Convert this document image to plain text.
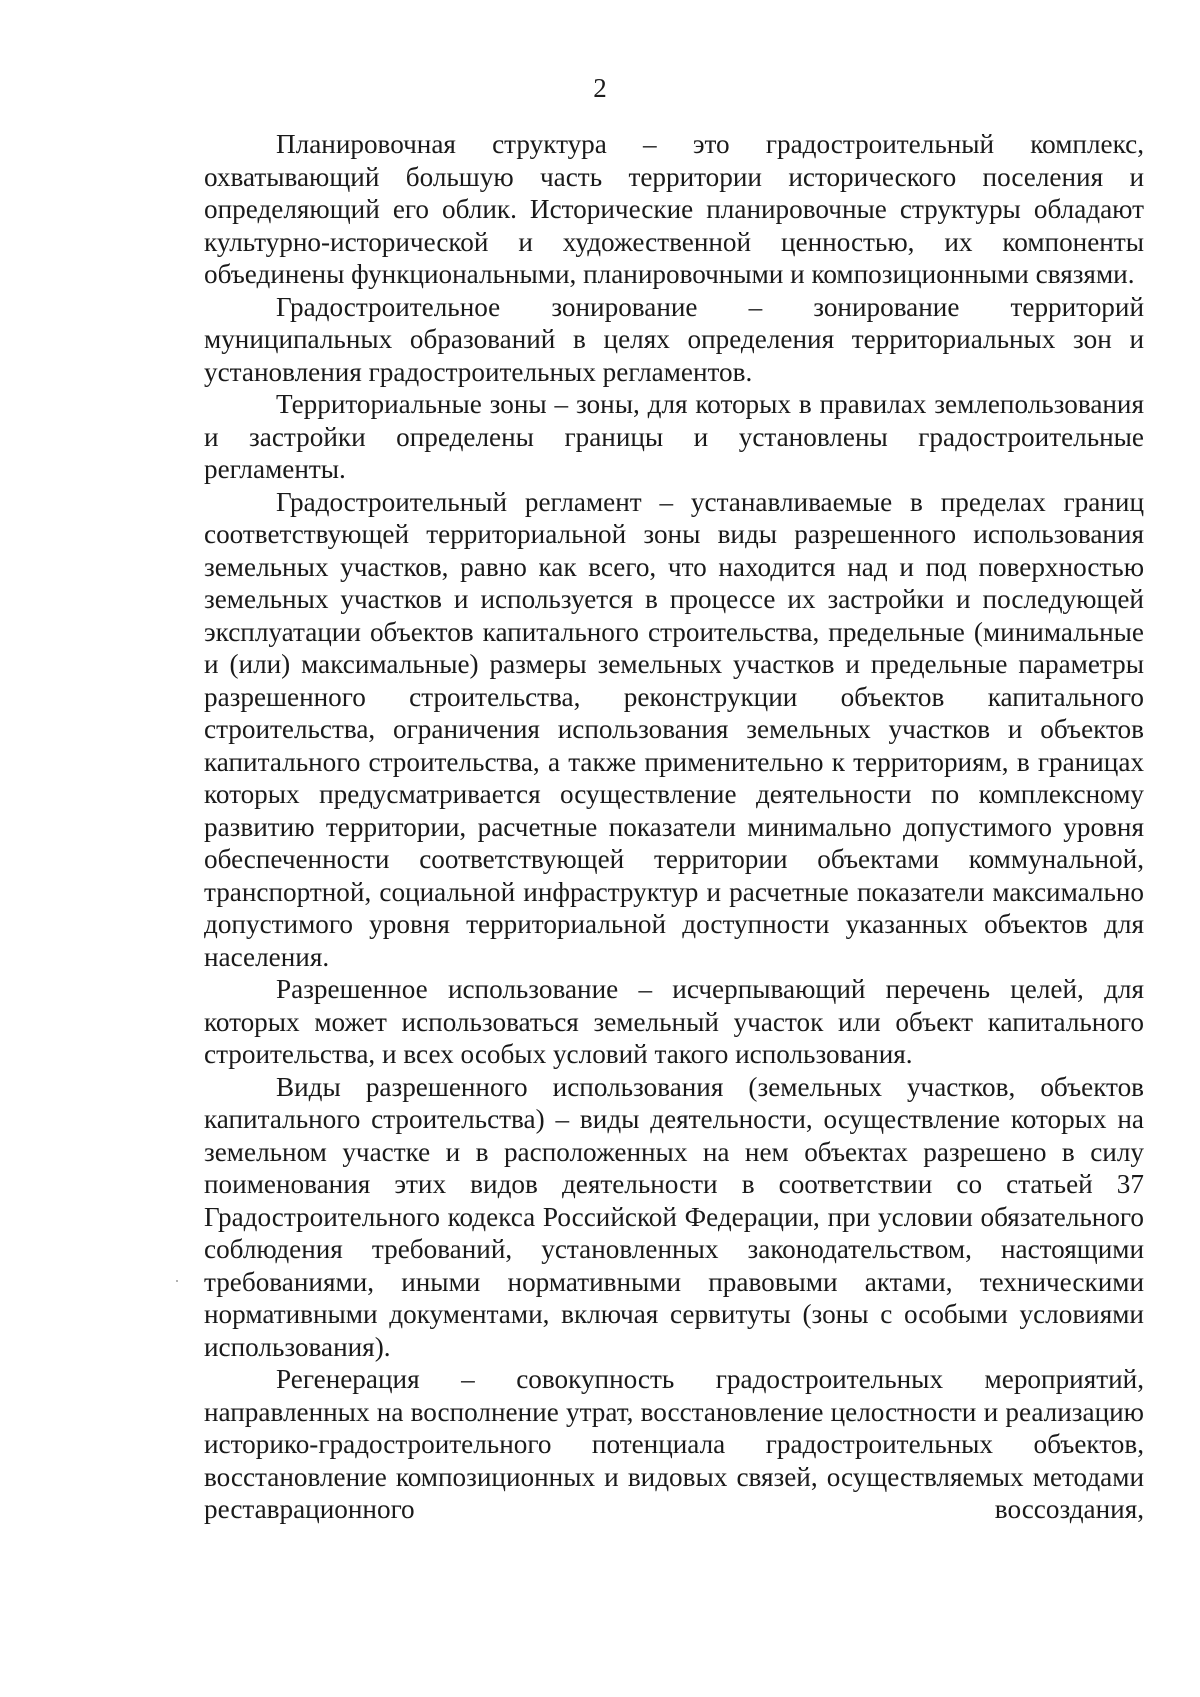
2

Планировочная структура – это градостроительный комплекс, охватывающий большую часть территории исторического поселения и определяющий его облик. Исторические планировочные структуры обладают культурно-исторической и художественной ценностью, их компоненты объединены функциональными, планировочными и композиционными связями.

Градостроительное зонирование – зонирование территорий муниципальных образований в целях определения территориальных зон и установления градостроительных регламентов.

Территориальные зоны – зоны, для которых в правилах землепользования и застройки определены границы и установлены градостроительные регламенты.

Градостроительный регламент – устанавливаемые в пределах границ соответствующей территориальной зоны виды разрешенного использования земельных участков, равно как всего, что находится над и под поверхностью земельных участков и используется в процессе их застройки и последующей эксплуатации объектов капитального строительства, предельные (минимальные и (или) максимальные) размеры земельных участков и предельные параметры разрешенного строительства, реконструкции объектов капитального строительства, ограничения использования земельных участков и объектов капитального строительства, а также применительно к территориям, в границах которых предусматривается осуществление деятельности по комплексному развитию территории, расчетные показатели минимально допустимого уровня обеспеченности соответствующей территории объектами коммунальной, транспортной, социальной инфраструктур и расчетные показатели максимально допустимого уровня территориальной доступности указанных объектов для населения.

Разрешенное использование – исчерпывающий перечень целей, для которых может использоваться земельный участок или объект капитального строительства, и всех особых условий такого использования.

Виды разрешенного использования (земельных участков, объектов капитального строительства) – виды деятельности, осуществление которых на земельном участке и в расположенных на нем объектах разрешено в силу поименования этих видов деятельности в соответствии со статьей 37 Градостроительного кодекса Российской Федерации, при условии обязательного соблюдения требований, установленных законодательством, настоящими требованиями, иными нормативными правовыми актами, техническими нормативными документами, включая сервитуты (зоны с особыми условиями использования).

Регенерация – совокупность градостроительных мероприятий, направленных на восполнение утрат, восстановление целостности и реализацию историко-градостроительного потенциала градостроительных объектов, восстановление композиционных и видовых связей, осуществляемых методами реставрационного воссоздания,
